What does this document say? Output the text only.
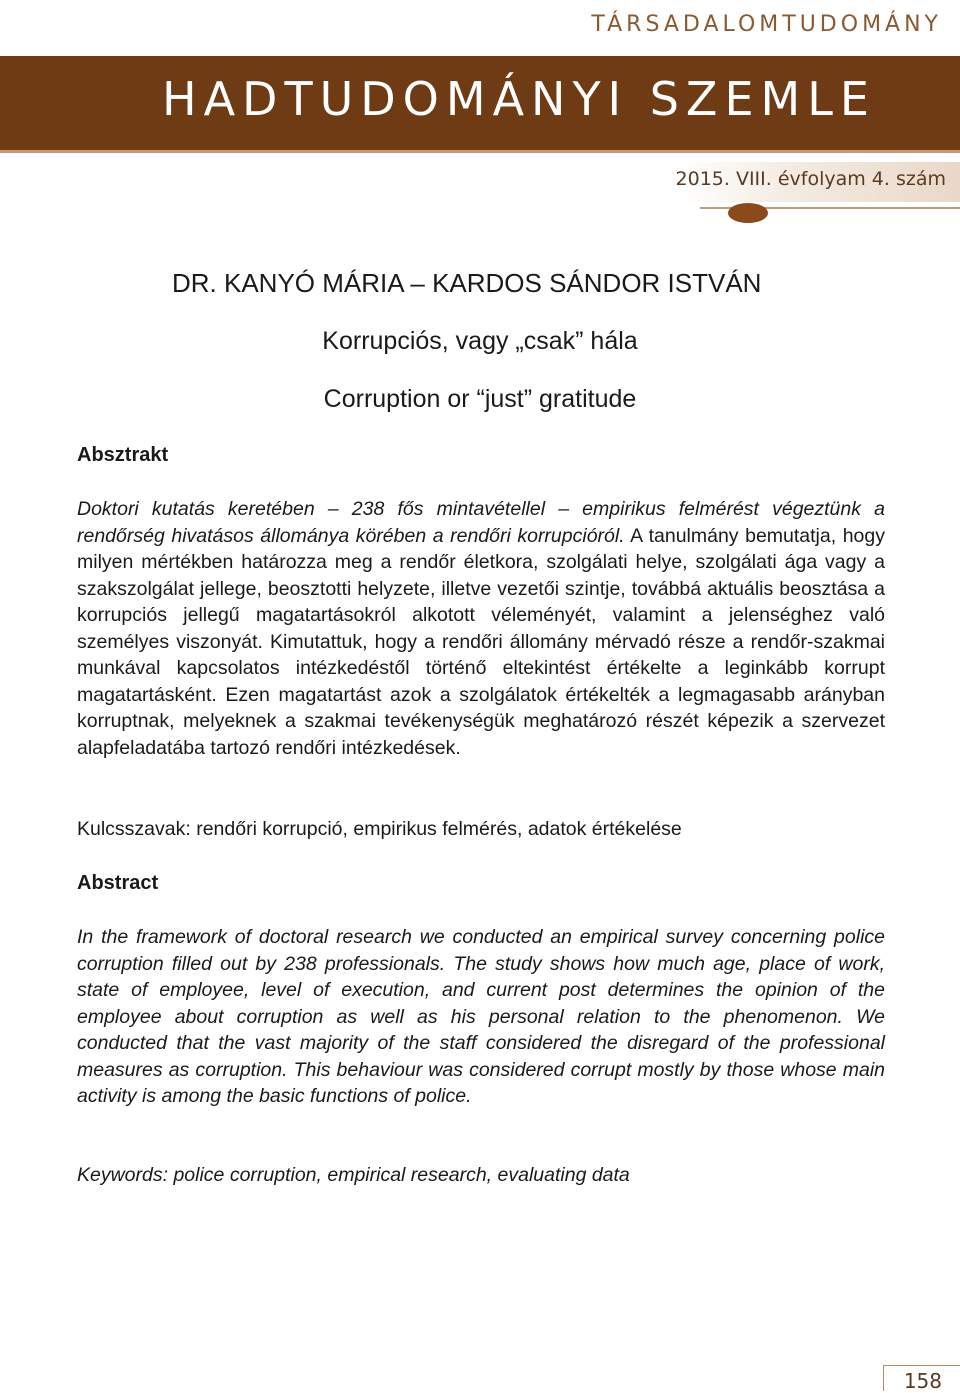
TÁRSADALOMTUDOMÁNY
HADTUDOMÁNYI SZEMLE
2015. VIII. évfolyam 4. szám
DR. KANYÓ MÁRIA – KARDOS SÁNDOR ISTVÁN
Korrupciós, vagy „csak” hála
Corruption or “just” gratitude
Absztrakt
Doktori kutatás keretében – 238 fős mintavétellel – empirikus felmérést végeztünk a rendőrség hivatásos állománya körében a rendőri korrupcióról. A tanulmány bemutatja, hogy milyen mértékben határozza meg a rendőr életkora, szolgálati helye, szolgálati ága vagy a szakszolgálat jellege, beosztotti helyzete, illetve vezetői szintje, továbbá aktuális beosztása a korrupciós jellegű magatartásokról alkotott véleményét, valamint a jelenséghez való személyes viszonyát. Kimutattuk, hogy a rendőri állomány mérvadó része a rendőr-szakmai munkával kapcsolatos intézkedéstől történő eltekintést értékelte a leginkább korrupt magatartásként. Ezen magatartást azok a szolgálatok értékelték a legmagasabb arányban korruptnak, melyeknek a szakmai tevékenységük meghatározó részét képezik a szervezet alapfeladatába tartozó rendőri intézkedések.
Kulcsszavak: rendőri korrupció, empirikus felmérés, adatok értékelése
Abstract
In the framework of doctoral research we conducted an empirical survey concerning police corruption filled out by 238 professionals. The study shows how much age, place of work, state of employee, level of execution, and current post determines the opinion of the employee about corruption as well as his personal relation to the phenomenon. We conducted that the vast majority of the staff considered the disregard of the professional measures as corruption. This behaviour was considered corrupt mostly by those whose main activity is among the basic functions of police.
Keywords: police corruption, empirical research, evaluating data
158
